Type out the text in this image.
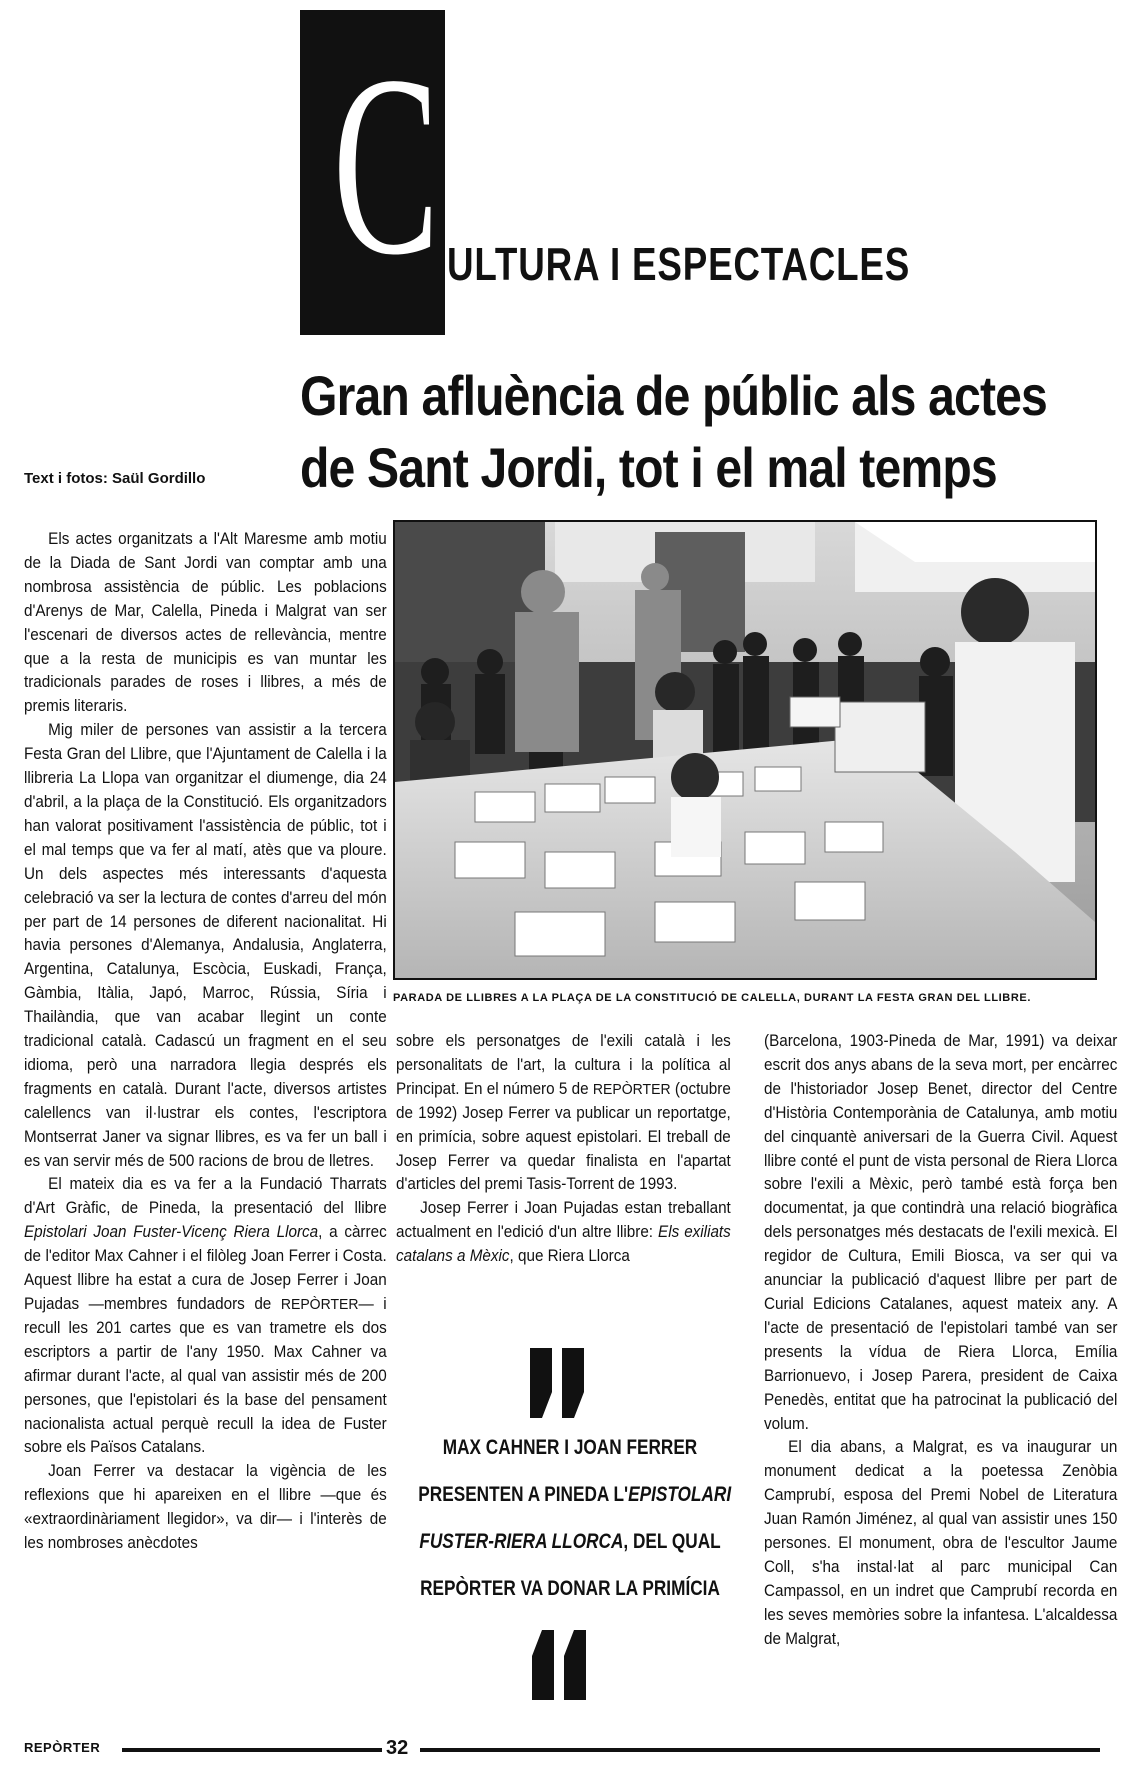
C ULTURA I ESPECTACLES
Gran afluència de públic als actes
de Sant Jordi, tot i el mal temps
Text i fotos: Saül Gordillo

Els actes organitzats a l'Alt Maresme amb motiu de la Diada de Sant Jordi van comptar amb una nombrosa assistència de públic. Les poblacions d'Arenys de Mar, Calella, Pineda i Malgrat van ser l'escenari de diversos actes de rellevància, mentre que a la resta de municipis es van muntar les tradicionals parades de roses i llibres, a més de premis literaris.

Mig miler de persones van assistir a la tercera Festa Gran del Llibre, que l'Ajuntament de Calella i la llibreria La Llopa van organitzar el diumenge, dia 24 d'abril, a la plaça de la Constitució. Els organitzadors han valorat positivament l'assistència de públic, tot i el mal temps que va fer al matí, atès que va ploure. Un dels aspectes més interessants d'aquesta celebració va ser la lectura de contes d'arreu del món per part de 14 persones de diferent nacionalitat. Hi havia persones d'Alemanya, Andalusia, Anglaterra, Argentina, Catalunya, Escòcia, Euskadi, França, Gàmbia, Itàlia, Japó, Marroc, Rússia, Síria i Thailàndia, que van acabar llegint un conte tradicional català. Cadascú un fragment en el seu idioma, però una narradora llegia després els fragments en català. Durant l'acte, diversos artistes calellencs van il·lustrar els contes, l'escriptora Montserrat Janer va signar llibres, es va fer un ball i es van servir més de 500 racions de brou de lletres.

El mateix dia es va fer a la Fundació Tharrats d'Art Gràfic, de Pineda, la presentació del llibre Epistolari Joan Fuster-Vicenç Riera Llorca, a càrrec de l'editor Max Cahner i el filòleg Joan Ferrer i Costa. Aquest llibre ha estat a cura de Josep Ferrer i Joan Pujadas —membres fundadors de REPÒRTER— i recull les 201 cartes que es van trametre els dos escriptors a partir de l'any 1950. Max Cahner va afirmar durant l'acte, al qual van assistir més de 200 persones, que l'epistolari és la base del pensament nacionalista actual perquè recull la idea de Fuster sobre els Països Catalans.

Joan Ferrer va destacar la vigència de les reflexions que hi apareixen en el llibre —que és «extraordinàriament llegidor», va dir— i l'interès de les nombroses anècdotes

PARADA DE LLIBRES A LA PLAÇA DE LA CONSTITUCIÓ DE CALELLA, DURANT LA FESTA GRAN DEL LLIBRE.

sobre els personatges de l'exili català i les personalitats de l'art, la cultura i la política al Principat. En el número 5 de REPÒRTER (octubre de 1992) Josep Ferrer va publicar un reportatge, en primícia, sobre aquest epistolari. El treball de Josep Ferrer va quedar finalista en l'apartat d'articles del premi Tasis-Torrent de 1993.

Josep Ferrer i Joan Pujadas estan treballant actualment en l'edició d'un altre llibre: Els exiliats catalans a Mèxic, que Riera Llorca

MAX CAHNER I JOAN FERRER
PRESENTEN A PINEDA L'EPISTOLARI
FUSTER-RIERA LLORCA, DEL QUAL
REPÒRTER VA DONAR LA PRIMÍCIA

(Barcelona, 1903-Pineda de Mar, 1991) va deixar escrit dos anys abans de la seva mort, per encàrrec de l'historiador Josep Benet, director del Centre d'Història Contemporània de Catalunya, amb motiu del cinquantè aniversari de la Guerra Civil. Aquest llibre conté el punt de vista personal de Riera Llorca sobre l'exili a Mèxic, però també està força ben documentat, ja que contindrà una relació biogràfica dels personatges més destacats de l'exili mexicà. El regidor de Cultura, Emili Biosca, va ser qui va anunciar la publicació d'aquest llibre per part de Curial Edicions Catalanes, aquest mateix any. A l'acte de presentació de l'epistolari també van ser presents la vídua de Riera Llorca, Emília Barrionuevo, i Josep Parera, president de Caixa Penedès, entitat que ha patrocinat la publicació del volum.

El dia abans, a Malgrat, es va inaugurar un monument dedicat a la poetessa Zenòbia Camprubí, esposa del Premi Nobel de Literatura Juan Ramón Jiménez, al qual van assistir unes 150 persones. El monument, obra de l'escultor Jaume Coll, s'ha instal·lat al parc municipal Can Campassol, en un indret que Camprubí recorda en les seves memòries sobre la infantesa. L'alcaldessa de Malgrat,

REPÒRTER	32
